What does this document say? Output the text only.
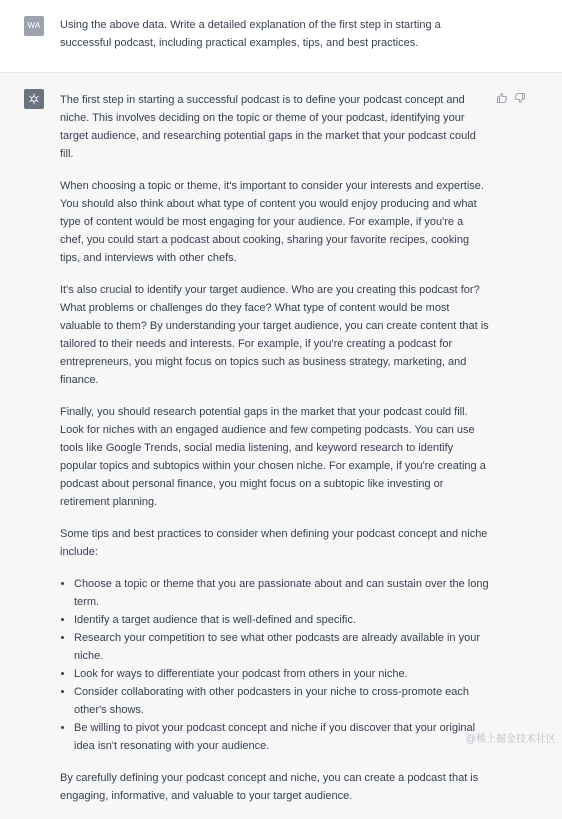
WA	Using the above data. Write a detailed explanation of the first step in starting a successful podcast, including practical examples, tips, and best practices.

The first step in starting a successful podcast is to define your podcast concept and niche. This involves deciding on the topic or theme of your podcast, identifying your target audience, and researching potential gaps in the market that your podcast could fill.

When choosing a topic or theme, it's important to consider your interests and expertise. You should also think about what type of content you would enjoy producing and what type of content would be most engaging for your audience. For example, if you're a chef, you could start a podcast about cooking, sharing your favorite recipes, cooking tips, and interviews with other chefs.

It's also crucial to identify your target audience. Who are you creating this podcast for? What problems or challenges do they face? What type of content would be most valuable to them? By understanding your target audience, you can create content that is tailored to their needs and interests. For example, if you're creating a podcast for entrepreneurs, you might focus on topics such as business strategy, marketing, and finance.

Finally, you should research potential gaps in the market that your podcast could fill. Look for niches with an engaged audience and few competing podcasts. You can use tools like Google Trends, social media listening, and keyword research to identify popular topics and subtopics within your chosen niche. For example, if you're creating a podcast about personal finance, you might focus on a subtopic like investing or retirement planning.

Some tips and best practices to consider when defining your podcast concept and niche include:

• Choose a topic or theme that you are passionate about and can sustain over the long term.
• Identify a target audience that is well-defined and specific.
• Research your competition to see what other podcasts are already available in your niche.
• Look for ways to differentiate your podcast from others in your niche.
• Consider collaborating with other podcasters in your niche to cross-promote each other's shows.
• Be willing to pivot your podcast concept and niche if you discover that your original idea isn't resonating with your audience.

By carefully defining your podcast concept and niche, you can create a podcast that is engaging, informative, and valuable to your target audience.

@稀土掘金技术社区
